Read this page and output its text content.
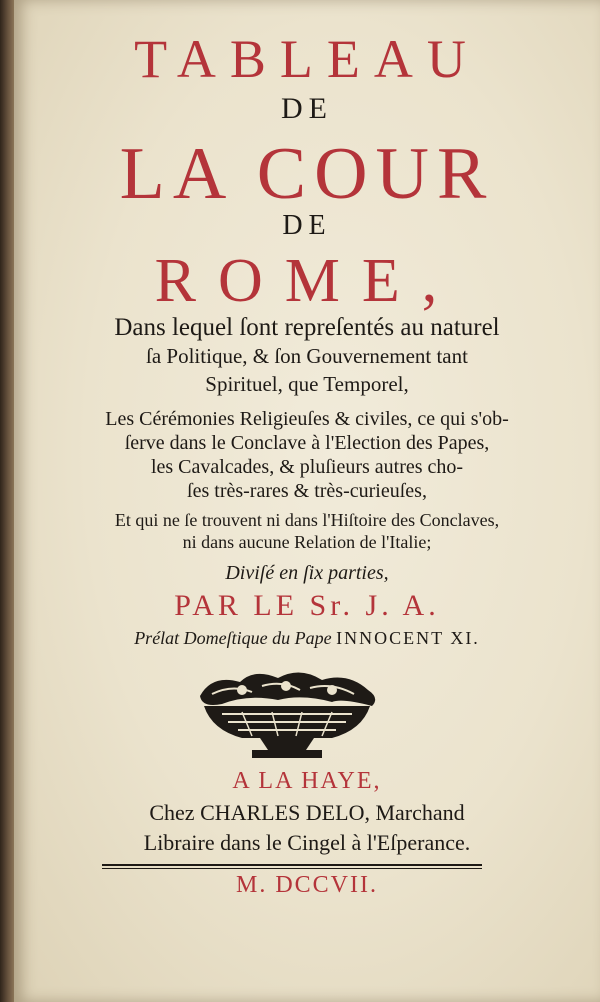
TABLEAU

DE

LA COUR

DE

ROME,

Dans lequel ſont repreſentés au naturel

ſa Politique, & ſon Gouvernement tant

Spirituel, que Temporel,

Les Cérémonies Religieuſes & civiles, ce qui s'ob-

ſerve dans le Conclave à l'Election des Papes,

les Cavalcades, & pluſieurs autres cho-

ſes très-rares & très-curieuſes,

Et qui ne ſe trouvent ni dans l'Hiſtoire des Conclaves,

ni dans aucune Relation de l'Italie;

Diviſé en ſix parties,

PAR LE Sr. J. A.

Prélat Domeſtique du Pape INNOCENT XI.

A LA HAYE,

Chez CHARLES DELO, Marchand

Libraire dans le Cingel à l'Eſperance.

M. DCCVII.
